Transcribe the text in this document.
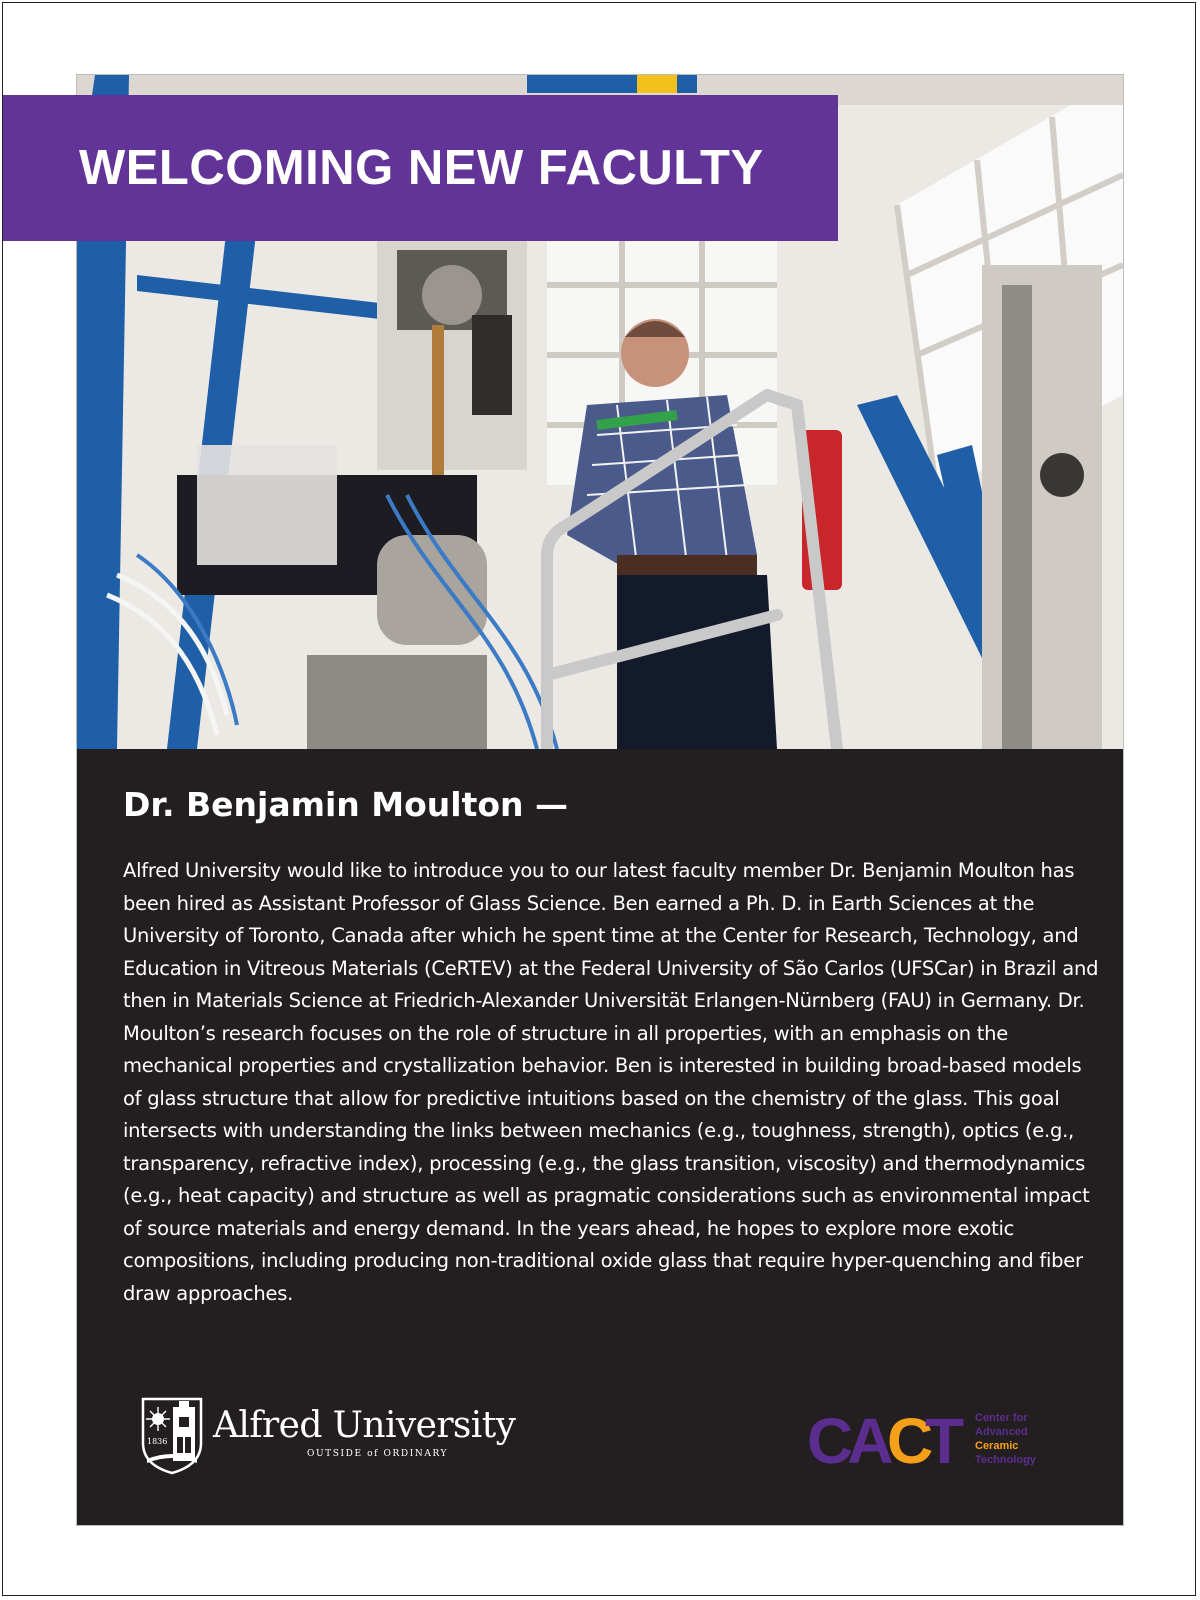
Dr. Benjamin Moulton —

Alfred University would like to introduce you to our latest faculty member Dr. Benjamin Moulton has been hired as Assistant Professor of Glass Science. Ben earned a Ph. D. in Earth Sciences at the University of Toronto, Canada after which he spent time at the Center for Research, Technology, and Education in Vitreous Materials (CeRTEV) at the Federal University of São Carlos (UFSCar) in Brazil and then in Materials Science at Friedrich-Alexander Universität Erlangen-Nürnberg (FAU) in Germany. Dr. Moulton’s research focuses on the role of structure in all properties, with an emphasis on the mechanical properties and crystallization behavior. Ben is interested in building broad-based models of glass structure that allow for predictive intuitions based on the chemistry of the glass. This goal intersects with understanding the links between mechanics (e.g., toughness, strength), optics (e.g., transparency, refractive index), processing (e.g., the glass transition, viscosity) and thermodynamics (e.g., heat capacity) and structure as well as pragmatic considerations such as environmental impact of source materials and energy demand. In the years ahead, he hopes to explore more exotic compositions, including producing non-traditional oxide glass that require hyper-quenching and fiber draw approaches.

1836 Alfred University
OUTSIDE of ORDINARY	CA C
T Center for
Advanced
Ceramic
Technology
WELCOMING NEW FACULTY
